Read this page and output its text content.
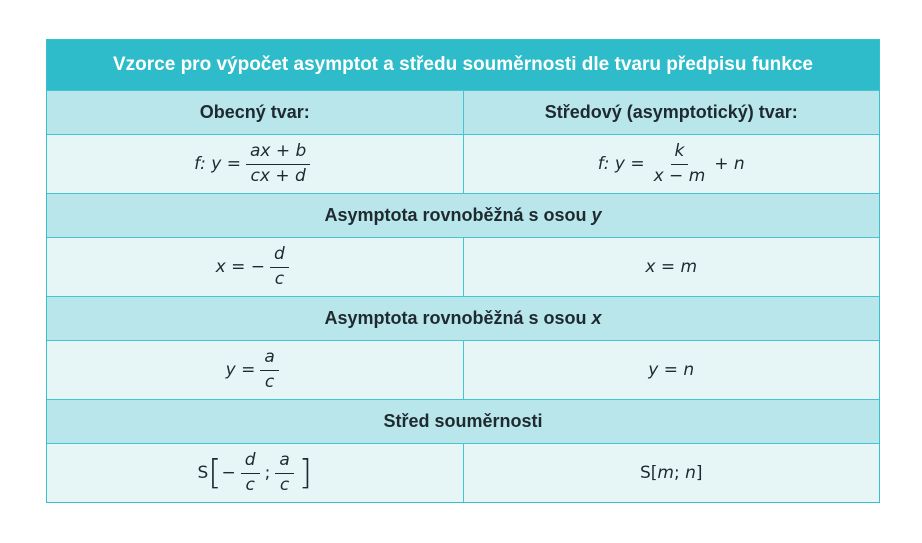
Vzorce pro výpočet asymptot a středu souměrnosti dle tvaru předpisu funkce
Obecný tvar:	Středový (asymptotický) tvar:
f: $y = \frac{ax + b}{cx + d}$	f: $y = \frac{k}{x - m} + n$
Asymptota rovnoběžná s osou y
x = − $\frac{d}{c}$	x = m
Asymptota rovnoběžná s osou x
$y = \frac{a}{c}$	y = n
Střed souměrnosti
S [ − $\frac{d}{c}$ ; $\frac{a}{c}$ ]	S[ m ; n ]
